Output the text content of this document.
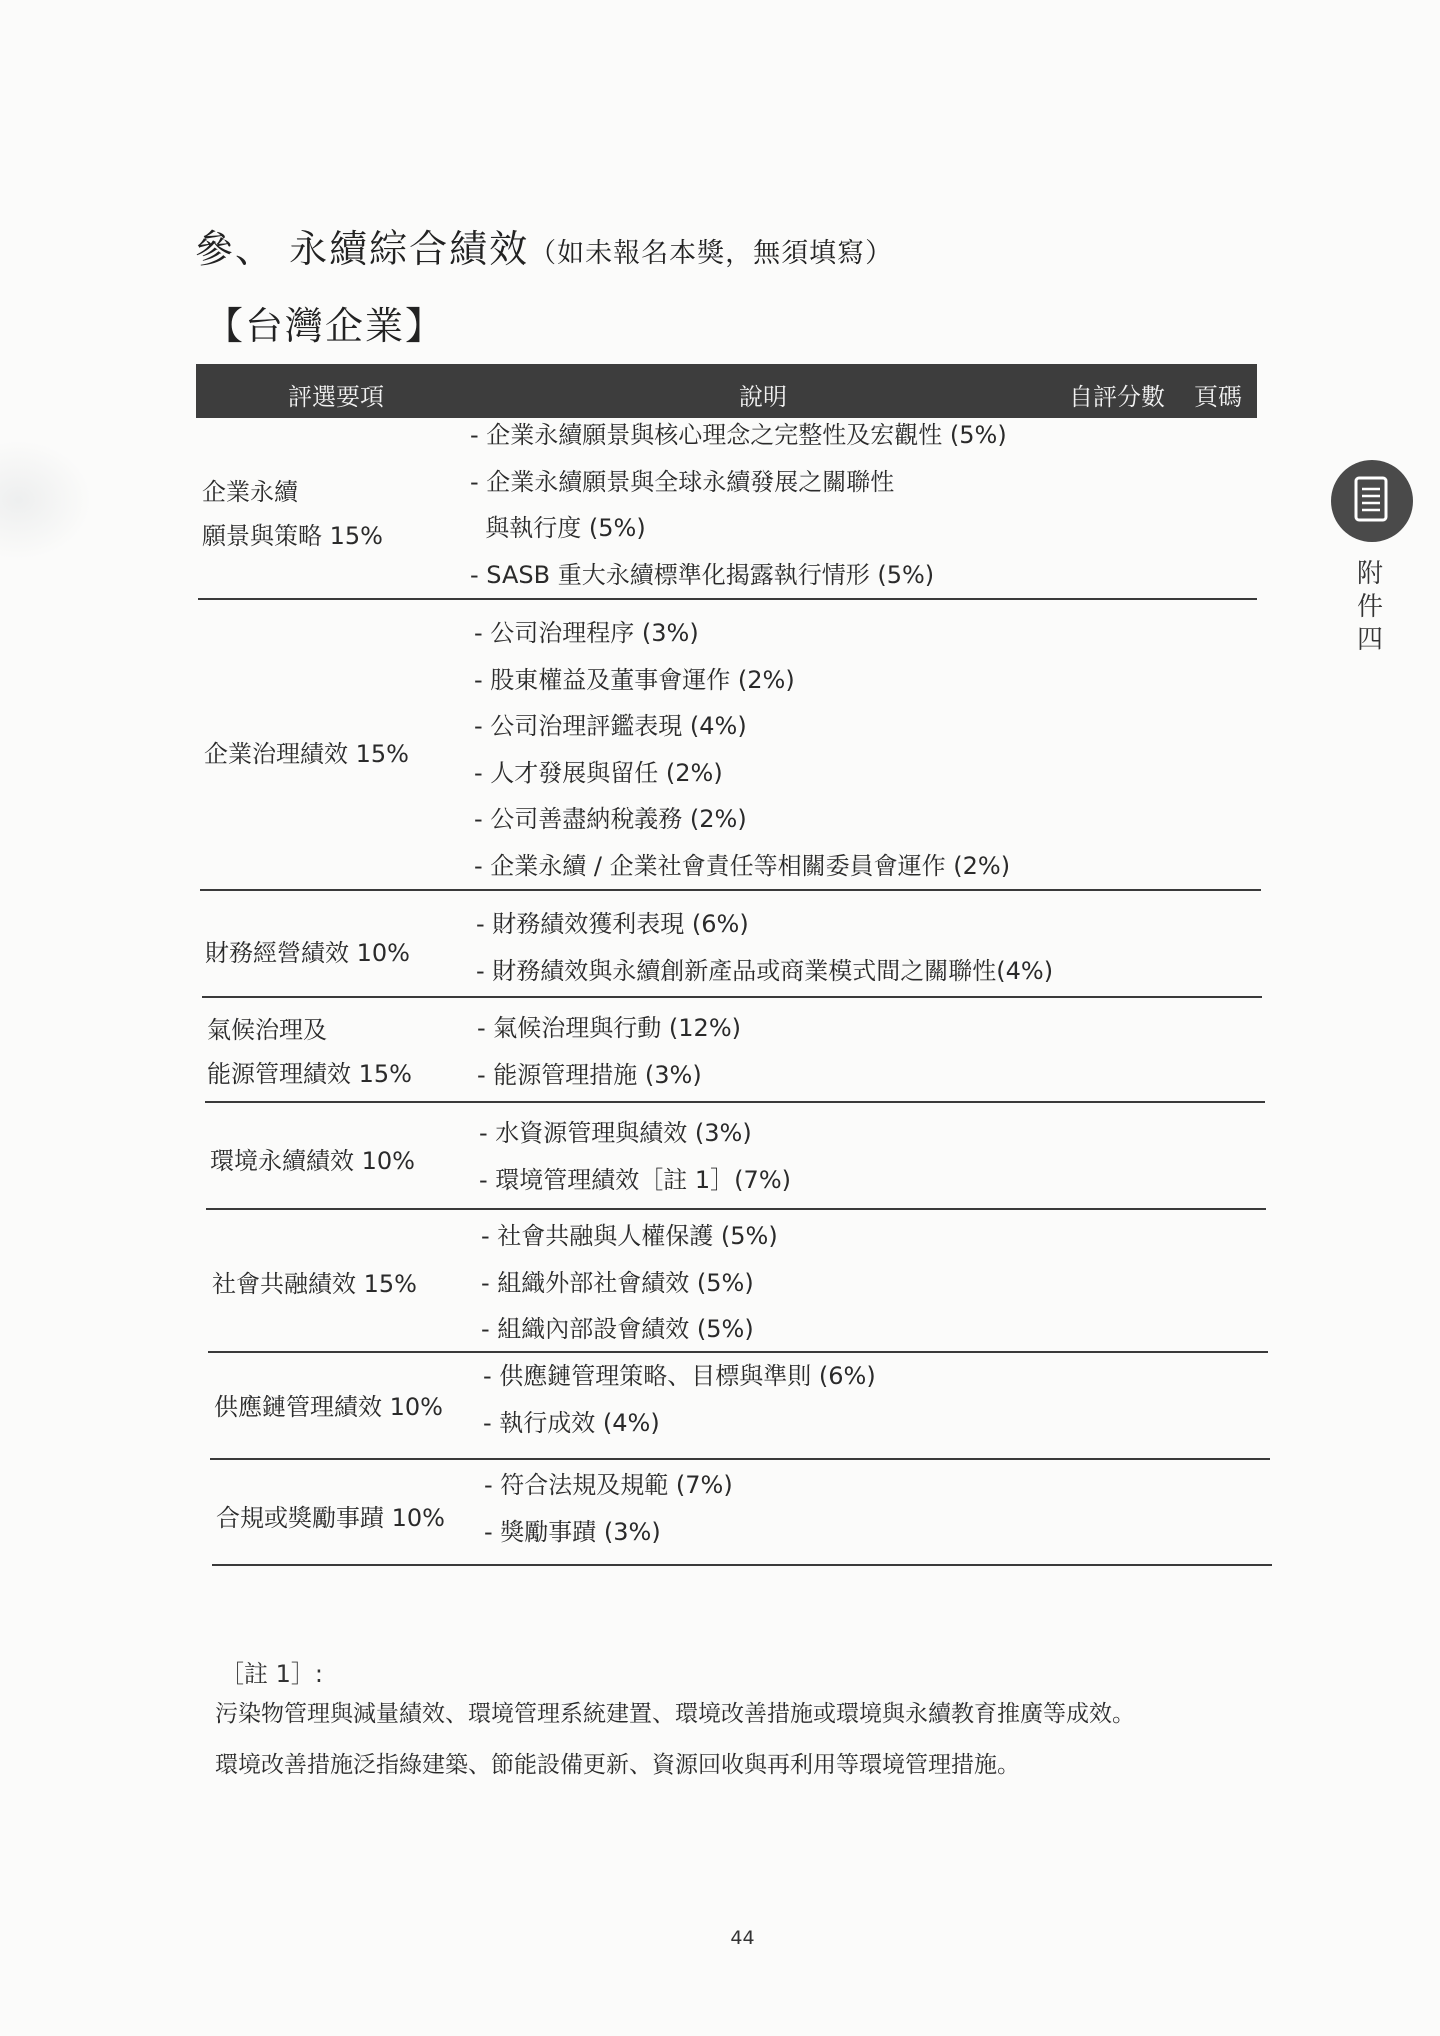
參、 永續綜合績效（如未報名本獎，無須填寫）
【台灣企業】
評選要項	說明	自評分數 頁碼
企業永續
願景與策略 15%
- 企業永續願景與核心理念之完整性及宏觀性 (5%)
- 企業永續願景與全球永續發展之關聯性
與執行度 (5%)
- SASB 重大永續標準化揭露執行情形 (5%)
企業治理績效 15%
- 公司治理程序 (3%)
- 股東權益及董事會運作 (2%)
- 公司治理評鑑表現 (4%)
- 人才發展與留任 (2%)
- 公司善盡納稅義務 (2%)
- 企業永續 / 企業社會責任等相關委員會運作 (2%)
財務經營績效 10%
- 財務績效獲利表現 (6%)
- 財務績效與永續創新產品或商業模式間之關聯性(4%)
氣候治理及
能源管理績效 15%
- 氣候治理與行動 (12%)
- 能源管理措施 (3%)
環境永續績效 10%
- 水資源管理與績效 (3%)
- 環境管理績效［註 1］(7%)
社會共融績效 15%
- 社會共融與人權保護 (5%)
- 組織外部社會績效 (5%)
- 組織內部設會績效 (5%)
供應鏈管理績效 10%
- 供應鏈管理策略、目標與準則 (6%)
- 執行成效 (4%)
合規或獎勵事蹟 10%
- 符合法規及規範 (7%)
- 獎勵事蹟 (3%)
［註 1］:
污染物管理與減量績效、環境管理系統建置、環境改善措施或環境與永續教育推廣等成效。
環境改善措施泛指綠建築、節能設備更新、資源回收與再利用等環境管理措施。
附
件
四
44
